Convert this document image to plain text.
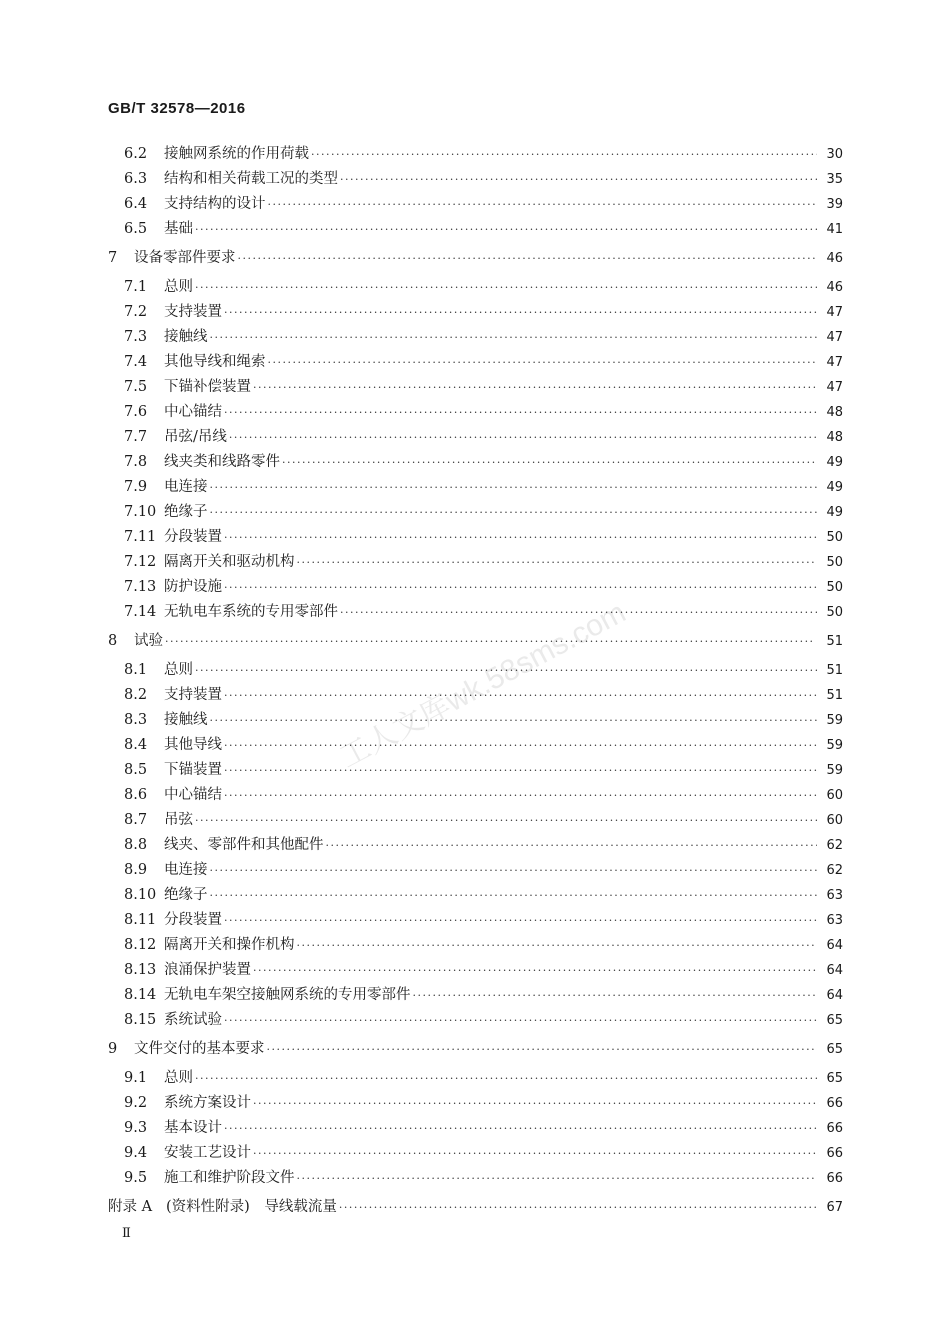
GB/T 32578—2016
工人文库wk.58sms.com
6.2	接触网系统的作用荷载 ·····	30
6.3	结构和相关荷载工况的类型 ·····	35
6.4	支持结构的设计 ·····	39
6.5	基础 ·····	41
7	设备零部件要求 ·····	46
7.1	总则 ·····	46
7.2	支持装置 ·····	47
7.3	接触线 ·····	47
7.4	其他导线和绳索 ·····	47
7.5	下锚补偿装置 ·····	47
7.6	中心锚结 ·····	48
7.7	吊弦/吊线 ·····	48
7.8	线夹类和线路零件 ·····	49
7.9	电连接 ·····	49
7.10 绝缘子 ·····	49
7.11 分段装置 ·····	50
7.12 隔离开关和驱动机构 ·····	50
7.13 防护设施 ·····	50
7.14 无轨电车系统的专用零部件 ·····	50
8	试验 ·····	51
8.1	总则 ·····	51
8.2	支持装置 ·····	51
8.3	接触线 ·····	59
8.4	其他导线 ·····	59
8.5	下锚装置 ·····	59
8.6	中心锚结 ·····	60
8.7	吊弦 ·····	60
8.8	线夹、零部件和其他配件 ·····	62
8.9	电连接 ·····	62
8.10 绝缘子 ·····	63
8.11 分段装置 ·····	63
8.12 隔离开关和操作机构 ·····	64
8.13 浪涌保护装置 ·····	64
8.14 无轨电车架空接触网系统的专用零部件 ·····	64
8.15 系统试验 ·····	65
9	文件交付的基本要求 ·····	65
9.1	总则 ·····	65
9.2	系统方案设计 ·····	66
9.3	基本设计 ·····	66
9.4	安装工艺设计 ·····	66
9.5	施工和维护阶段文件 ·····	66
附录 A (资料性附录)　导线载流量 ·····	67
Ⅱ
